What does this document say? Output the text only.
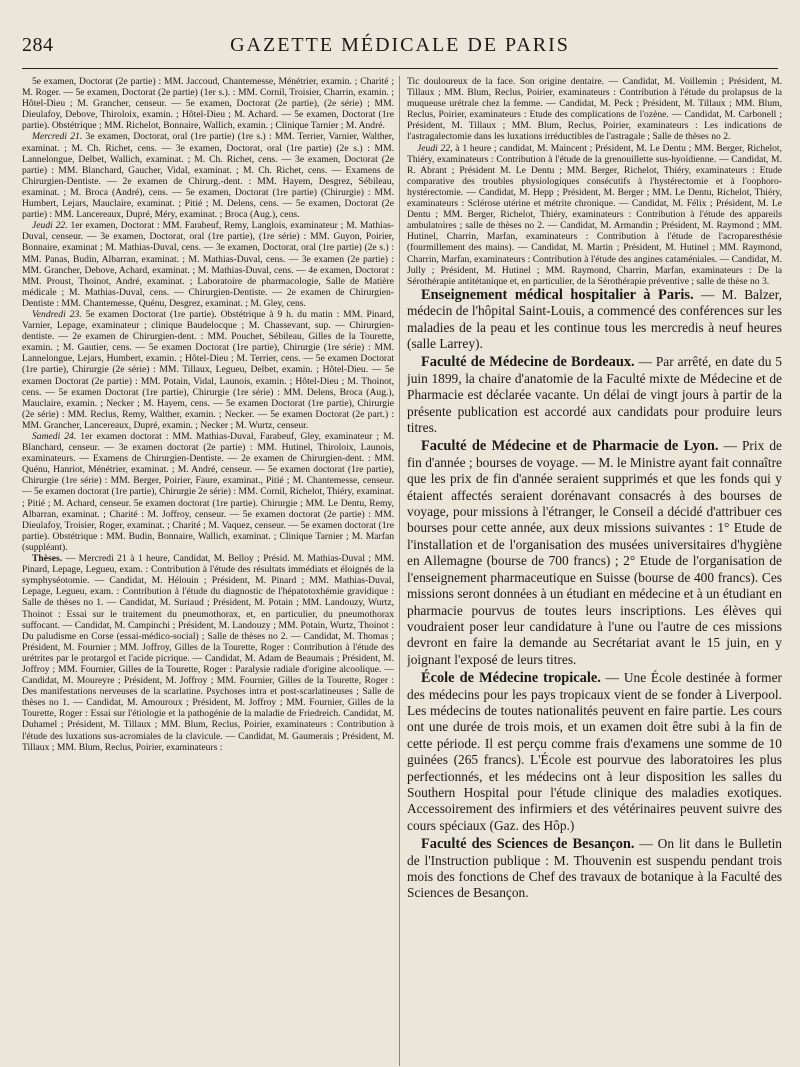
284	GAZETTE MÉDICALE DE PARIS

5e examen, Doctorat (2e partie) : MM. Jaccoud, Chantemesse, Ménétrier, examin. ; Charité ; M. Roger. — 5e examen, Doctorat (2e partie) (1er s.). : MM. Cornil, Troisier, Charrin, examin. ; Hôtel-Dieu ; M. Grancher, censeur. — 5e examen, Doctorat (2e partie), (2e série) ; MM. Dieulafoy, Debove, Thiroloix, examin. ; Hôtel-Dieu ; M. Achard. — 5e examen, Doctorat (1re partie). Obstétrique ; MM. Richelot, Bonnaire, Wallich, examin. ; Clinique Tarnier ; M. André.

Mercredi 21. 3e examen, Doctorat, oral (1re partie) (1re s.) : MM. Terrier, Varnier, Walther, examinat. ; M. Ch. Richet, cens. — 3e examen, Doctorat, oral (1re partie) (2e s.) : MM. Lannelongue, Delbet, Wallich, examinat. ; M. Ch. Richet, cens. — 3e examen, Doctorat (2e partie) : MM. Blanchard, Gaucher, Vidal, examinat. ; M. Ch. Richet, cens. — Examens de Chirurgien-Dentiste. — 2e examen de Chirurg.-dent. : MM. Hayem, Desgrez, Sébileau, examinat. ; M. Broca (André), cens. — 5e examen, Doctorat (1re partie) (Chirurgie) : MM. Humbert, Lejars, Mauclaire, examinat. ; Pitié ; M. Delens, cens. — 5e examen, Doctorat (2e partie) : MM. Lancereaux, Dupré, Méry, examinat. ; Broca (Aug.), cens.

Jeudi 22. 1er examen, Doctorat : MM. Farabeuf, Remy, Langlois, examinateur ; M. Mathias-Duval, censeur. — 3e examen, Doctorat, oral (1re partie), (1re série) : MM. Guyon, Poirier, Bonnaire, examinat ; M. Mathias-Duval, cens. — 3e examen, Doctorat, oral (1re partie) (2e s.) : MM. Panas, Budin, Albarran, examinat. ; M. Mathias-Duval, cens. — 3e examen (2e partie) : MM. Grancher, Debove, Achard, examinat. ; M. Mathias-Duval, cens. — 4e examen, Doctorat : MM. Proust, Thoinot, André, examinat. ; Laboratoire de pharmacologie, Salle de Matière médicale ; M. Mathias-Duval, cens. — Chirurgien-Dentiste. — 2e examen de Chirurgien-Dentiste : MM. Chantemesse, Quénu, Desgrez, examinat. ; M. Gley, cens.

Vendredi 23. 5e examen Doctorat (1re partie). Obstétrique à 9 h. du matin : MM. Pinard, Varnier, Lepage, examinateur ; clinique Baudelocque ; M. Chassevant, sup. — Chirurgien-dentiste. — 2e examen de Chirurgien-dent. : MM. Pouchet, Sébileau, Gilles de la Tourette, examin. ; M. Gautier, cens. — 5e examen Doctorat (1re partie), Chirurgie (1re série) : MM. Lannelongue, Lejars, Humbert, examin. ; Hôtel-Dieu ; M. Terrier, cens. — 5e examen Doctorat (1re partie), Chirurgie (2e série) : MM. Tillaux, Legueu, Delbet, examin. ; Hôtel-Dieu. — 5e examen Doctorat (2e partie) : MM. Potain, Vidal, Launois, examin. ; Hôtel-Dieu ; M. Thoinot, cens. — 5e examen Doctorat (1re partie), Chirurgie (1re série) : MM. Delens, Broca (Aug.), Mauclaire, examin. ; Necker ; M. Hayem, cens. — 5e examen Doctorat (1re partie), Chirurgie (2e série) : MM. Reclus, Remy, Walther, examin. ; Necker. — 5e examen Doctorat (2e part.) : MM. Grancher, Lancereaux, Dupré, examin. ; Necker ; M. Wurtz, censeur.

Samedi 24. 1er examen doctorat : MM. Mathias-Duval, Farabeuf, Gley, examinateur ; M. Blanchard, censeur. — 3e examen doctorat (2e partie) : MM. Hutinel, Thiroloix, Launois, examinateurs. — Examens de Chirurgien-Dentiste. — 2e examen de Chirurgien-dent. : MM. Quénu, Hanriot, Ménétrier, examinat. ; M. André, censeur. — 5e examen doctorat (1re partie), Chirurgie (1re série) : MM. Berger, Poirier, Faure, examinat., Pitié ; M. Chantemesse, censeur. — 5e examen doctorat (1re partie), Chirurgie 2e série) : MM. Cornil, Richelot, Thiéry, examinat. ; Pitié ; M. Achard, censeur. 5e examen doctorat (1re partie). Chirurgie ; MM. Le Dentu, Remy, Albarran, examinat. ; Charité : M. Joffroy, censeur. — 5e examen doctorat (2e partie) : MM. Dieulafoy, Troisier, Roger, examinat. ; Charité ; M. Vaquez, censeur. — 5e examen doctorat (1re partie). Obstétrique : MM. Budin, Bonnaire, Wallich, examinat. ; Clinique Tarnier ; M. Marfan (suppléant).

Thèses. — Mercredi 21 à 1 heure, Candidat, M. Belloy ; Présid. M. Mathias-Duval ; MM. Pinard, Lepage, Legueu, exam. : Contribution à l'étude des résultats immédiats et éloignés de la symphyséotomie. — Candidat, M. Hélouin ; Président, M. Pinard ; MM. Mathias-Duval, Lepage, Legueu, exam. : Contribution à l'étude du diagnostic de l'hépatotoxhémie gravidique : Salle de thèses no 1. — Candidat, M. Suriaud ; Président, M. Potain ; MM. Landouzy, Wurtz, Thoinot : Essai sur le traitement du pneumothorax, et, en particulier, du pneumothorax suffocant. — Candidat, M. Campinchi ; Président, M. Landouzy ; MM. Potain, Wurtz, Thoinot : Du paludisme en Corse (essai-médico-social) ; Salle de thèses no 2. — Candidat, M. Thomas ; Président, M. Fournier ; MM. Joffroy, Gilles de la Tourette, Roger : Contribution à l'étude des urétrites par le protargol et l'acide picrique. — Candidat, M. Adam de Beaumais ; Président, M. Joffroy ; MM. Fournier, Gilles de la Tourette, Roger : Paralysie radiale d'origine alcoolique. — Candidat, M. Moureyre ; Président, M. Joffroy ; MM. Fournier, Gilles de la Tourette, Roger : Des manifestations nerveuses de la scarlatine. Psychoses intra et post-scarlatineuses ; Salle de thèses no 1. — Candidat, M. Amouroux ; Président, M. Joffroy ; MM. Fournier, Gilles de la Tourette, Roger : Essai sur l'étiologie et la pathogénie de la maladie de Friedreich. Candidat, M. Duhamel ; Président, M. Tillaux ; MM. Blum, Reclus, Poirier, examinateurs : Contribution à l'étude des luxations sus-acromiales de la clavicule. — Candidat, M. Gaumerais ; Président, M. Tillaux ; MM. Blum, Reclus, Poirier, examinateurs :

Tic douloureux de la face. Son origine dentaire. — Candidat, M. Voillemin ; Président, M. Tillaux ; MM. Blum, Reclus, Poirier, examinateurs : Contribution à l'étude du prolapsus de la muqueuse urétrale chez la femme. — Candidat, M. Peck ; Président, M. Tillaux ; MM. Blum, Reclus, Poirier, examinateurs : Etude des complications de l'ozène. — Candidat, M. Carbonell ; Président, M. Tillaux ; MM. Blum, Reclus, Poirier, examinateurs : Les indications de l'astragalectomie dans les luxations irréductibles de l'astragale ; Salle de thèses no 2.

Jeudi 22, à 1 heure ; candidat, M. Maincent ; Président, M. Le Dentu ; MM. Berger, Richelot, Thiéry, examinateurs : Contribution à l'étude de la grenouillette sus-hyoïdienne. — Candidat, M. R. Abrant ; Président M. Le Dentu ; MM. Berger, Richelot, Thiéry, examinateurs : Etude comparative des troubles physiologiques consécutifs à l'hystérectomie et à l'oophoro-hystérectomie. — Candidat, M. Hepp ; Président, M. Berger ; MM. Le Dentu, Richelot, Thiéry, examinateurs : Sclérose utérine et métrite chronique. — Candidat, M. Félix ; Président, M. Le Dentu ; MM. Berger, Richelot, Thiéry, examinateurs : Contribution à l'étude des appareils ambulatoires ; salle de thèses no 2. — Candidat, M. Armandin ; Président, M. Raymond ; MM. Hutinel, Charrin, Marfan, examinateurs : Contribution à l'étude de l'acroparesthésie (fourmillement des mains). — Candidat, M. Martin ; Président, M. Hutinel ; MM. Raymond, Charrin, Marfan, examinateurs : Contribution à l'étude des angines cataméniales. — Candidat, M. Jully ; Président, M. Hutinel ; MM. Raymond, Charrin, Marfan, examinateurs : De la Sérothérapie antitétanique et, en particulier, de la Sérothérapie préventive ; salle de thèse no 3.

Enseignement médical hospitalier à Paris. — M. Balzer, médecin de l'hôpital Saint-Louis, a commencé des conférences sur les maladies de la peau et les continue tous les mercredis à neuf heures (salle Larrey).

Faculté de Médecine de Bordeaux. — Par arrêté, en date du 5 juin 1899, la chaire d'anatomie de la Faculté mixte de Médecine et de Pharmacie est déclarée vacante. Un délai de vingt jours à partir de la présente publication est accordé aux candidats pour produire leurs titres.

Faculté de Médecine et de Pharmacie de Lyon. — Prix de fin d'année ; bourses de voyage. — M. le Ministre ayant fait connaître que les prix de fin d'année seraient supprimés et que les fonds qui y étaient affectés seraient dorénavant consacrés à des bourses de voyage, pour missions à l'étranger, le Conseil a décidé d'attribuer ces bourses pour cette année, aux deux missions suivantes : 1° Etude de l'installation et de l'organisation des musées universitaires d'hygiène en Allemagne (bourse de 700 francs) ; 2° Etude de l'organisation de l'enseignement pharmaceutique en Suisse (bourse de 400 francs). Ces missions seront données à un étudiant en médecine et à un étudiant en pharmacie pourvus de toutes leurs inscriptions. Les élèves qui voudraient poser leur candidature à l'une ou l'autre de ces missions devront en faire la demande au Secrétariat avant le 15 juin, en y joignant l'exposé de leurs titres.

École de Médecine tropicale. — Une École destinée à former des médecins pour les pays tropicaux vient de se fonder à Liverpool. Les médecins de toutes nationalités peuvent en faire partie. Les cours ont une durée de trois mois, et un examen doit être subi à la fin de cette période. Il est perçu comme frais d'examens une somme de 10 guinées (265 francs). L'École est pourvue des laboratoires les plus perfectionnés, et les médecins ont à leur disposition les salles du Southern Hospital pour l'étude clinique des maladies exotiques. Accessoirement des infirmiers et des vétérinaires peuvent suivre des cours spéciaux (Gaz. des Hôp.)

Faculté des Sciences de Besançon. — On lit dans le Bulletin de l'Instruction publique : M. Thouvenin est suspendu pendant trois mois des fonctions de Chef des travaux de botanique à la Faculté des Sciences de Besançon.
